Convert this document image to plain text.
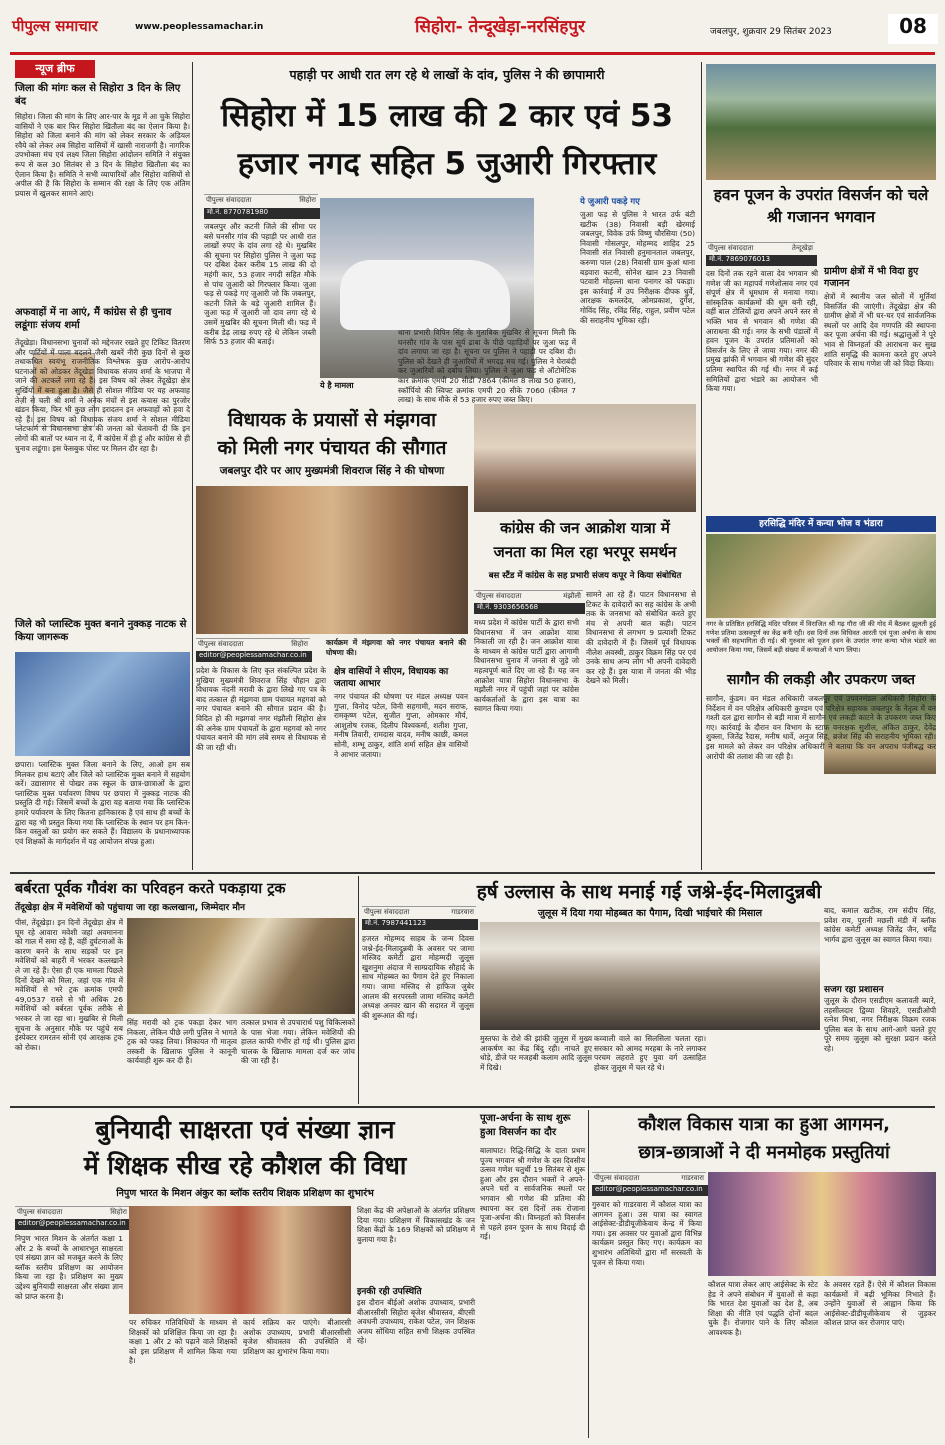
पीपुल्स समाचार	www.peoplessamachar.in	सिहोरा- तेन्दूखेड़ा-नरसिंहपुर	जबलपुर, शुक्रवार 29 सितंबर 2023	08
न्यूज ब्रीफ
जिला की मांगः कल से सिहोरा 3 दिन के लिए बंद
सिहोरा। जिला की मांग के लिए आर-पार के मूड में आ चुके सिहोरा वासियों ने एक बार फिर सिहोरा खितौला बंद का ऐलान किया है। सिहोरा को जिला बनाने की मांग को लेकर सरकार के अड़ियल रवैये को लेकर अब सिहोरा वासियों में खासी नाराजगी है। नागरिक उपभोक्ता मंच एवं लक्ष्य जिला सिहोरा आंदोलन समिति ने संयुक्त रूप से कल 30 सितंबर से 3 दिन के सिहोरा खितौला बंद का ऐलान किया है। समिति ने सभी व्यापारियों और सिहोरा वासियों से अपील की है कि सिहोरा के सम्मान की रक्षा के लिए एक अंतिम प्रयास में खुलकर सामने आएं।
अफवाहों में ना आएं, मैं कांग्रेस से ही चुनाव लडूंगाः संजय शर्मा
तेंदूखेड़ा। विधानसभा चुनावों को मद्देनजर रखते हुए टिकिट वितरण और पार्टियों में पाला बदलने जैसी खबरें नीरी कुछ दिनों से कुछ तथाकथित स्वयंभू राजनीतिक विश्लेषक कुछ आरोप-आरोप घटनाओं को ओडकर तेंदूखेड़ा विधायक संजय शर्मा के भाजपा में जाने की अटकलें लगा रहे हैं। इस विषय को लेकर तेंदूखेड़ा क्षेत्र सुर्खियों में बना हुआ है। जैसे ही सोशल मीडिया पर यह अफवाह तेज़ी से चली श्री शर्मा ने अनेक मंचों से इस कयास का पुरजोर खंडन किया, फिर भी कुछ लोग इरादतन इन अफवाहों को हवा दे रहे हैं। इस विषय को विधायक संजय शर्मा ने सोशल मीडिया प्लेटफार्म से विधानसभा क्षेत्र की जनता को चेतावनी दी कि इन लोगों की बातों पर ध्यान ना दें, मैं कांग्रेस में ही हूं और कांग्रेस से ही चुनाव लडूंगा। इस फेसबुक पोस्ट पर मिलन दौर रहा है।
जिले को प्लास्टिक मुक्त बनाने नुक्कड़ नाटक से किया जागरूक
छपारा। प्लास्टिक मुक्त जिला बनाने के लिए, आओ हम सब मिलकर हाथ बटाएं और जिले को प्लास्टिक मुक्त बनाने में सहयोग करें। उद्यासागर से पोखर तक स्कूल के छात्र-छात्राओं के द्वारा प्लास्टिक मुक्त पर्यावरण विषय पर छपारा में नुक्कड़ नाटक की प्रस्तुति दी गई। जिसमें बच्चों के द्वारा यह बताया गया कि प्लास्टिक हमारे पर्यावरण के लिए कितना हानिकारक है एवं साथ ही बच्चों के द्वारा यह भी प्रस्तुत किया गया कि प्लास्टिक के स्थान पर हम किन-किन वस्तुओं का प्रयोग कर सकते हैं। विद्यालय के प्रधानाध्यापक एवं शिक्षकों के मार्गदर्शन में यह आयोजन संपन्न हुआ।
पहाड़ी पर आधी रात लग रहे थे लाखों के दांव, पुलिस ने की छापामारी
सिहोरा में 15 लाख की 2 कार एवं 53
हजार नगद सहित 5 जुआरी गिरफ्तार
पीपुल्स संवाददाता	सिहोरा
मो.नं. 8770781980
जबलपुर और कटनी जिले की सीमा पर बसे घनसौर गांव की पहाड़ी पर आधी रात लाखों रुपए के दांव लगा रहे थे। मुखबिर की सूचना पर सिहोरा पुलिस ने जुआ फड़ पर दबिश देकर करीब 15 लाख की दो महंगी कार, 53 हजार नगदी सहित मौके से पांच जुआरी को गिरफ्तार किया। जुआ फड़ से पकड़े गए जुआरी जो कि जबलपुर, कटनी जिले के बड़े जुआरी शामिल हैं। जुआ फड़ में जुआरी जो दाव लगा रहे थे उसमें मुखबिर की सूचना मिली थी। फड़ में करीब डेढ़ लाख रुपए रहे थे लेकिन जब्ती सिर्फ 53 हजार की बताई।
ये है मामला
थाना प्रभारी विपिन सिंह के मुताबिक मुखबिर से सूचना मिली कि घनसौर गांव के पास सूर्य ढाबा के पीछे पहाड़ियों पर जुआ फड़ में दांव लगाया जा रहा है। सूचना पर पुलिस ने पहाड़ी पर दबिश दी। पुलिस को देखते ही जुआरियों में भगदड़ मच गई। पुलिस ने घेराबंदी कर जुआरियों को दबोच लिया। पुलिस ने जुआ फड़ से ऑटोमेटिक कार क्रमांक एमपी 20 सीडी 7864 (कीमत 8 लाख 50 हजार), स्कॉर्पियो की स्विफ्ट क्रमांक एमपी 20 सीके 7060 (कीमत 7 लाख) के साथ मौके से 53 हजार रुपए जब्त किए।
ये जुआरी पकड़े गए
जुआ फड़ से पुलिस ने भारत उर्फ बंटी खटीक (38) निवासी बड़ी खेरमाई जबलपुर, विवेक उर्फ विष्णु चौरसिया (50) निवासी गोसलपुर, मोहम्मद शाहिद 25 निवासी संत निवासी हनुमानताल जबलपुर, करुणा पाल (28) निवासी ग्राम कुआं थाना बड़वारा कटनी, सोनेश खान 23 निवासी पटवारी मोहल्ला थाना पनागर को पकड़ा। इस कार्रवाई में उप निरीक्षक दीपक धुर्वे, आरक्षक कमलदेव, ओमप्रकाश, दुर्गेश, गोविंद सिंह, रविंद्र सिंह, राहुल, प्रवीण पटेल की सराहनीय भूमिका रही।
हवन पूजन के उपरांत विसर्जन को चले श्री गजानन भगवान
पीपुल्स संवाददाता	तेन्दूखेड़ा
मो.नं. 7869076013
दस दिनों तक रहने वाला देव भगवान श्री गणेश जी का महापर्व गणेशोत्सव नगर एवं संपूर्ण क्षेत्र में धूमधाम से मनाया गया। सांस्कृतिक कार्यक्रमों की धूम बनी रही, वहीं बाल टोलियों द्वारा अपने अपने स्तर से भक्ति भाव से भगवान श्री गणेश की आराधना की गई। नगर के सभी पंडालों में हवन पूजन के उपरांत प्रतिमाओं को विसर्जन के लिए ले जाया गया। नगर की प्रमुख झांकी में भगवान श्री गणेश की सुंदर प्रतिमा स्थापित की गई थी। नगर में कई समितियों द्वारा भंडारे का आयोजन भी किया गया।
ग्रामीण क्षेत्रों में भी विदा हुए गजानन
क्षेत्रों में स्थानीय जल स्रोतों में मूर्तियां विसर्जित की जाएंगी। तेंदूखेड़ा क्षेत्र की ग्रामीण क्षेत्रों में भी घर-घर एवं सार्वजनिक स्थलों पर आदि देव गणपति की स्थापना कर पूजा अर्चना की गई। श्रद्धालुओं ने पूरे भाव से विघ्नहर्ता की आराधना कर सुख शांति समृद्धि की कामना करते हुए अपने परिवार के साथ गणेश जी को विदा किया।
विधायक के प्रयासों से मंझगवा
को मिली नगर पंचायत की सौगात
जबलपुर दौरे पर आए मुख्यमंत्री शिवराज सिंह ने की घोषणा
पीपुल्स संवाददाता	सिहोरा
editor@peoplessamachar.co.in
कार्यक्रम में मंझगवा को नगर पंचायत बनाने की घोषणा की।
प्रदेश के विकास के लिए कृत संकल्पित प्रदेश के मुखिया मुख्यमंत्री शिवराज सिंह चौहान द्वारा विधायक नंदनी मरावी के द्वारा लिखे गए पत्र के बाद तत्काल ही मंझगवा ग्राम पंचायत महगवां को नगर पंचायत बनाने की सौगात प्रदान की है। विदित हो की मझगवां नगर मंझौली सिहोरा क्षेत्र की अनेक ग्राम पंचायतों के द्वारा महगवां को नगर पंचायत बनाने की मांग लंबे समय से विधायक से की जा रही थी।
क्षेत्र वासियों ने सीएम, विधायक का जताया आभार
नगर पंचायत की घोषणा पर मंडल अध्यक्ष पवन गुप्ता, विनोद पटेल, विनी सहगामी, मदन सराफ, रामकृष्ण पटेल, सुजीत गुप्ता, ओमकार मौर्य, आशुतोष रजक, दिलीप विश्वकर्मा, शतीश गुप्ता, मनीष तिवारी, रामदास यादव, मनीष काछी, कमल सोनी, शम्भू ठाकुर, शांति शर्मा सहित क्षेत्र वासियों ने आभार जताया।
कांग्रेस की जन आक्रोश यात्रा में
जनता का मिल रहा भरपूर समर्थन
बस स्टैंड में कांग्रेस के सह प्रभारी संजय कपूर ने किया संबोधित
पीपुल्स संवाददाता	मंझौली
मो.नं. 9303656568
मध्य प्रदेश में कांग्रेस पार्टी के द्वारा सभी विधानसभा में जन आक्रोश यात्रा निकाली जा रही है। जन आक्रोश यात्रा के माध्यम से कांग्रेस पार्टी द्वारा आगामी विधानसभा चुनाव में जनता से जुड़े जो महत्वपूर्ण बातें दिए जा रहे हैं। यह जन आक्रोश यात्रा सिहोरा विधानसभा के मझौली नगर में पहुंची जहां पर कांग्रेस कार्यकर्ताओं के द्वारा इस यात्रा का स्वागत किया गया।
सामने आ रहे हैं। पाटन विधानसभा से टिकट के दावेदारों का सह कांग्रेस के अभी तक के जनसभा को संबोधित करते हुए मंच से अपनी बात कही। पाटन विधानसभा से लगभग 9 प्रत्याशी टिकट की दावेदारी में हैं। जिसमें पूर्व विधायक नीलेश अवस्थी, ठाकुर विक्रम सिंह पर एवं उनके साथ अन्य लोग भी अपनी दावेदारी कर रहे हैं। इस यात्रा में जनता की भीड़ देखने को मिली।
हरसिद्धि मंदिर में कन्या भोज व भंडारा
नगर के प्रतिष्ठित हरसिद्धि मंदिर परिसर में विराजित श्री गढ़ गौरा जी की गोद में बैठकर झूलती हुई गणेश प्रतिमा उत्सवपूर्ण का केंद्र बनी रही। दस दिनों तक विधिवत आरती एवं पूजा अर्चना के साथ भक्तों की सहभागिता दी गई। श्री गुरुवार को पूजन हवन के उपरांत नगर कन्या भोज भंडारे का आयोजन किया गया, जिसमें बड़ी संख्या में कन्याओं ने भाग लिया।
सागौन की लकड़ी और उपकरण जब्त
सागौन, कुंडम। वन मंडल अधिकारी जबलपुर एवं उपवनमंडल अधिकारी सिहोरा के निर्देशन में वन परिक्षेत्र अधिकारी कुण्डम एवं परिक्षेत्र सहायक जबलपुर के नेतृत्व में वन गश्ती दल द्वारा सागौन से बड़ी मात्रा में सागौन एवं लकड़ी काटने के उपकरण जब्त किए गए। कार्रवाई के दौरान वन विभाग के स्टाफ वनरक्षक सुशील, अंकित ठाकुर, देवेंद्र शुक्ला, जितेंद्र रैदास, मनीष धार्वे, अनुज सिंह, ब्रजेश सिंह की सराहनीय भूमिका रही। इस मामले को लेकर वन परिक्षेत्र अधिकारी ने बताया कि वन अपराध पंजीबद्ध कर आरोपी की तलाश की जा रही है।
बर्बरता पूर्वक गौवंश का परिवहन करते पकड़ाया ट्रक
तेंदूखेड़ा क्षेत्र में मवेशियों को पहुंचाया जा रहा कत्लखाना, जिम्मेदार मौन
पीसं, तेंदूखेड़ा। इन दिनों तेंदूखेड़ा क्षेत्र में घूम रहे आवारा मवेशी जहां अवमानना को गाल में समा रहे हैं, वहीं दुर्घटनाओं के कारण बनने के साथ सड़कों पर इन मवेशियों को बाहरी में भरकर कत्लखाने ले जा रहे हैं। ऐसा ही एक मामला पिछले दिनों देखने को मिला, जहां एक गांव में मवेशियों से भरे ट्रक क्रमांक एमपी 49,0537 रास्ते से भी अधिक 26 मवेशियों को बर्बरता पूर्वक तरीके से भरकर ले जा रहा था। मुखबिर से मिली सूचना के अनुसार मौके पर पहुंचे सब इंस्पेक्टर रामरतन सोनी एवं आरक्षक ट्रक को रोका।
सिंह मरावी को ट्रक पकड़ा देकर भाग निकला, लेकिन पीछे लगी पुलिस ने भागते ट्रक को पकड़ लिया। शिकायत गौ मातृत्व तस्करी के खिलाफ पुलिस ने कानूनी कार्यवाही शुरू कर दी है।
तत्काल प्रभाव से उपचारार्थ पशु चिकित्सकों के पास भेजा गया। लेकिन मवेशियों की हालत काफी गंभीर हो गई थी। पुलिस द्वारा चालक के खिलाफ मामला दर्ज कर जांच की जा रही है।
हर्ष उल्लास के साथ मनाई गई जश्ने-ईद-मिलादुन्नबी
पीपुल्स संवाददाता	गाडरवारा
मो.नं. 7987441123
हजरत मोहम्मद साहब के जन्म दिवस जश्ने-ईद-मिलादुन्नबी के अवसर पर जामा मस्जिद कमेटी द्वारा मोहम्मदी जुलूस खुशनुमा अंदाज में साम्प्रदायिक सौहार्द के साथ मोहब्बत का पैगाम देते हुए निकाला गया। जामा मस्जिद से हाफिज जुबेर आलम की सरपरस्ती जामा मस्जिद कमेटी अध्यक्ष अनवर खान की सदारत में जुलूस की शुरूआत की गई।
जुलूस में दिया गया मोहब्बत का पैगाम, दिखी भाईचारे की मिसाल
मुस्तफा के रोशे की झांकी जुलूस में मुख्य आकर्षण का केंद्र बिंदु रही। नाचते हुए धोड़े, डीजे पर मजहबी कलाम आदि जुलूस में दिखे।
कव्वाली वाले का सिलसिला चलता रहा। सरकार को आमद मरहबा के नारे लगाकर परचम लहराते हुए युवा वर्ग उत्साहित होकर जुलूस में चल रहे थे।
बाद, कमाल खटीक, राम संदीप सिंह, प्रवेश राय, पुरानी मछली मंडी में ब्लॉक कांग्रेस कमेटी अध्यक्ष जितेंद्र जैन, धर्मेंद्र भार्गव द्वारा जुलूस का स्वागत किया गया।
सजग रहा प्रशासन
जुलूस के दौरान एसडीएम कलावती ब्यारे, तहसीलदार द्विव्या शिवहरे, एसडीओपी रत्नेश मिश्रा, नगर निरीक्षक विक्रम रजक पुलिस बल के साथ आगे-आगे चलते हुए पूरे समय जुलूस को सुरक्षा प्रदान करते रहे।
बुनियादी साक्षरता एवं संख्या ज्ञान
में शिक्षक सीख रहे कौशल की विधा
निपुण भारत के मिशन अंकुर का ब्लॉक स्तरीय शिक्षक प्रशिक्षण का शुभारंभ
पीपुल्स संवाददाता	सिहोरा
editor@peoplessamachar.co.in
निपुण भारत मिशन के अंतर्गत कक्षा 1 और 2 के बच्चों के आधारभूत साक्षरता एवं संख्या ज्ञान को मजबूत करने के लिए ब्लॉक स्तरीय प्रशिक्षण का आयोजन किया जा रहा है। प्रशिक्षण का मुख्य उद्देश्य बुनियादी साक्षरता और संख्या ज्ञान को प्राप्त करना है।
पर रुचिकर गतिविधियों के माध्यम से शिक्षकों को प्रशिक्षित किया जा रहा है। कक्षा 1 और 2 को पढ़ाने वाले शिक्षकों को इस प्रशिक्षण में शामिल किया गया है।
कार्य सक्रिय कर पाएंगे। बीआरसी अशोक उपाध्याय, प्रभारी बीआरसीसी बृजेश श्रीवास्तव की उपस्थिति में प्रशिक्षण का शुभारंभ किया गया।
शिक्षा केंद्र की अपेक्षाओं के अंतर्गत प्रशिक्षण दिया गया। प्रशिक्षण में विकासखंड के जन शिक्षा केंद्रों के 169 शिक्षकों को प्रशिक्षण में बुलाया गया है।
इनकी रही उपस्थिति
इस दौरान बीईओ अशोक उपाध्याय, प्रभारी बीआरसीसी सिहोरा बृजेश श्रीवास्तव, बीएसी अवधनी उपाध्याय, राकेश पटेल, जन शिक्षक अजय सोंधिया सहित सभी शिक्षक उपस्थित रहे।
पूजा-अर्चना के साथ शुरू हुआ विसर्जन का दौर
बालाघाट। रिद्धि-सिद्धि के दाता प्रथम पूज्य भगवान श्री गणेश के दस दिवसीय उत्सव गणेश चतुर्थी 19 सितंबर से शुरू हुआ और इस दौरान भक्तों ने अपने-अपने घरों व सार्वजनिक स्थलों पर भगवान श्री गणेश की प्रतिमा की स्थापना कर दस दिनों तक रोजाना पूजा-अर्चना की। विघ्नहर्ता को विसर्जन से पहले हवन पूजन के साथ विदाई दी गई।
कौशल विकास यात्रा का हुआ आगमन,
छात्र-छात्राओं ने दी मनमोहक प्रस्तुतियां
पीपुल्स संवाददाता	गाडरवारा
editor@peoplessamachar.co.in
गुरुवार को गाडरवारा में कौशल यात्रा का आगमन हुआ। उस यात्रा का स्वागत आईसेक्ट-डीडीयूजीकेवाय केन्द्र में किया गया। इस अवसर पर युवाओं द्वारा विभिन्न कार्यक्रम प्रस्तुत किए गए। कार्यक्रम का शुभारंभ अतिथियों द्वारा माँ सरस्वती के पूजन से किया गया।
कौशल यात्रा लेकर आए आईसेक्ट के स्टेट हेड ने अपने संबोधन में युवाओं से कहा कि भारत देश युवाओं का देश है, अब शिक्षा की नीति एवं पद्धति दोनों बदल चुके हैं। रोजगार पाने के लिए कौशल आवश्यक है।
के अवसर रहते हैं। ऐसे में कौशल विकास कार्यक्रमों में बढ़ी भूमिका निभाते हैं। उन्होंने युवाओं से आह्वान किया कि आईसेक्ट-डीडीयूजीकेवाय से जुड़कर कौशल प्राप्त कर रोजगार पाएं।
